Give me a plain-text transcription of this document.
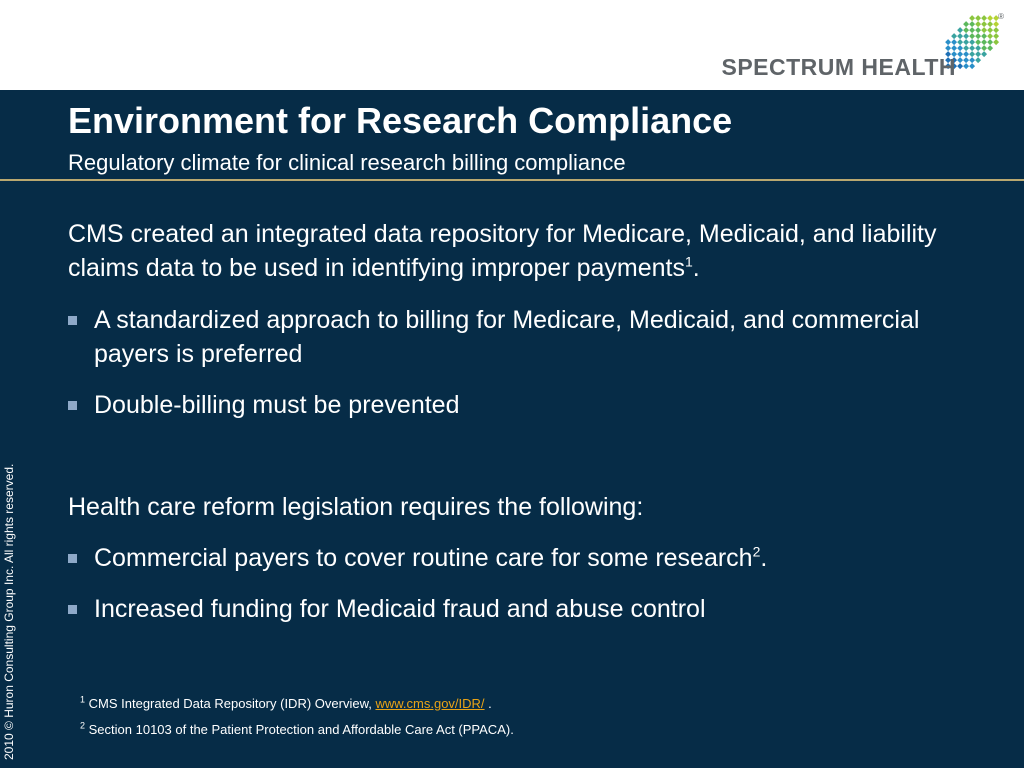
®
SPECTRUM HEALTH
Environment for Research Compliance
Regulatory climate for clinical research billing compliance
2010 © Huron Consulting Group Inc. All rights reserved.
CMS created an integrated data repository for Medicare, Medicaid, and liability claims data to be used in identifying improper payments$^1$.
A standardized approach to billing for Medicare, Medicaid, and commercial payers is preferred
Double-billing must be prevented
Health care reform legislation requires the following:
Commercial payers to cover routine care for some research$^2$.
Increased funding for Medicaid fraud and abuse control
$^1$ CMS Integrated Data Repository (IDR) Overview, www.cms.gov/IDR/ .
$^2$ Section 10103 of the Patient Protection and Affordable Care Act (PPACA).
